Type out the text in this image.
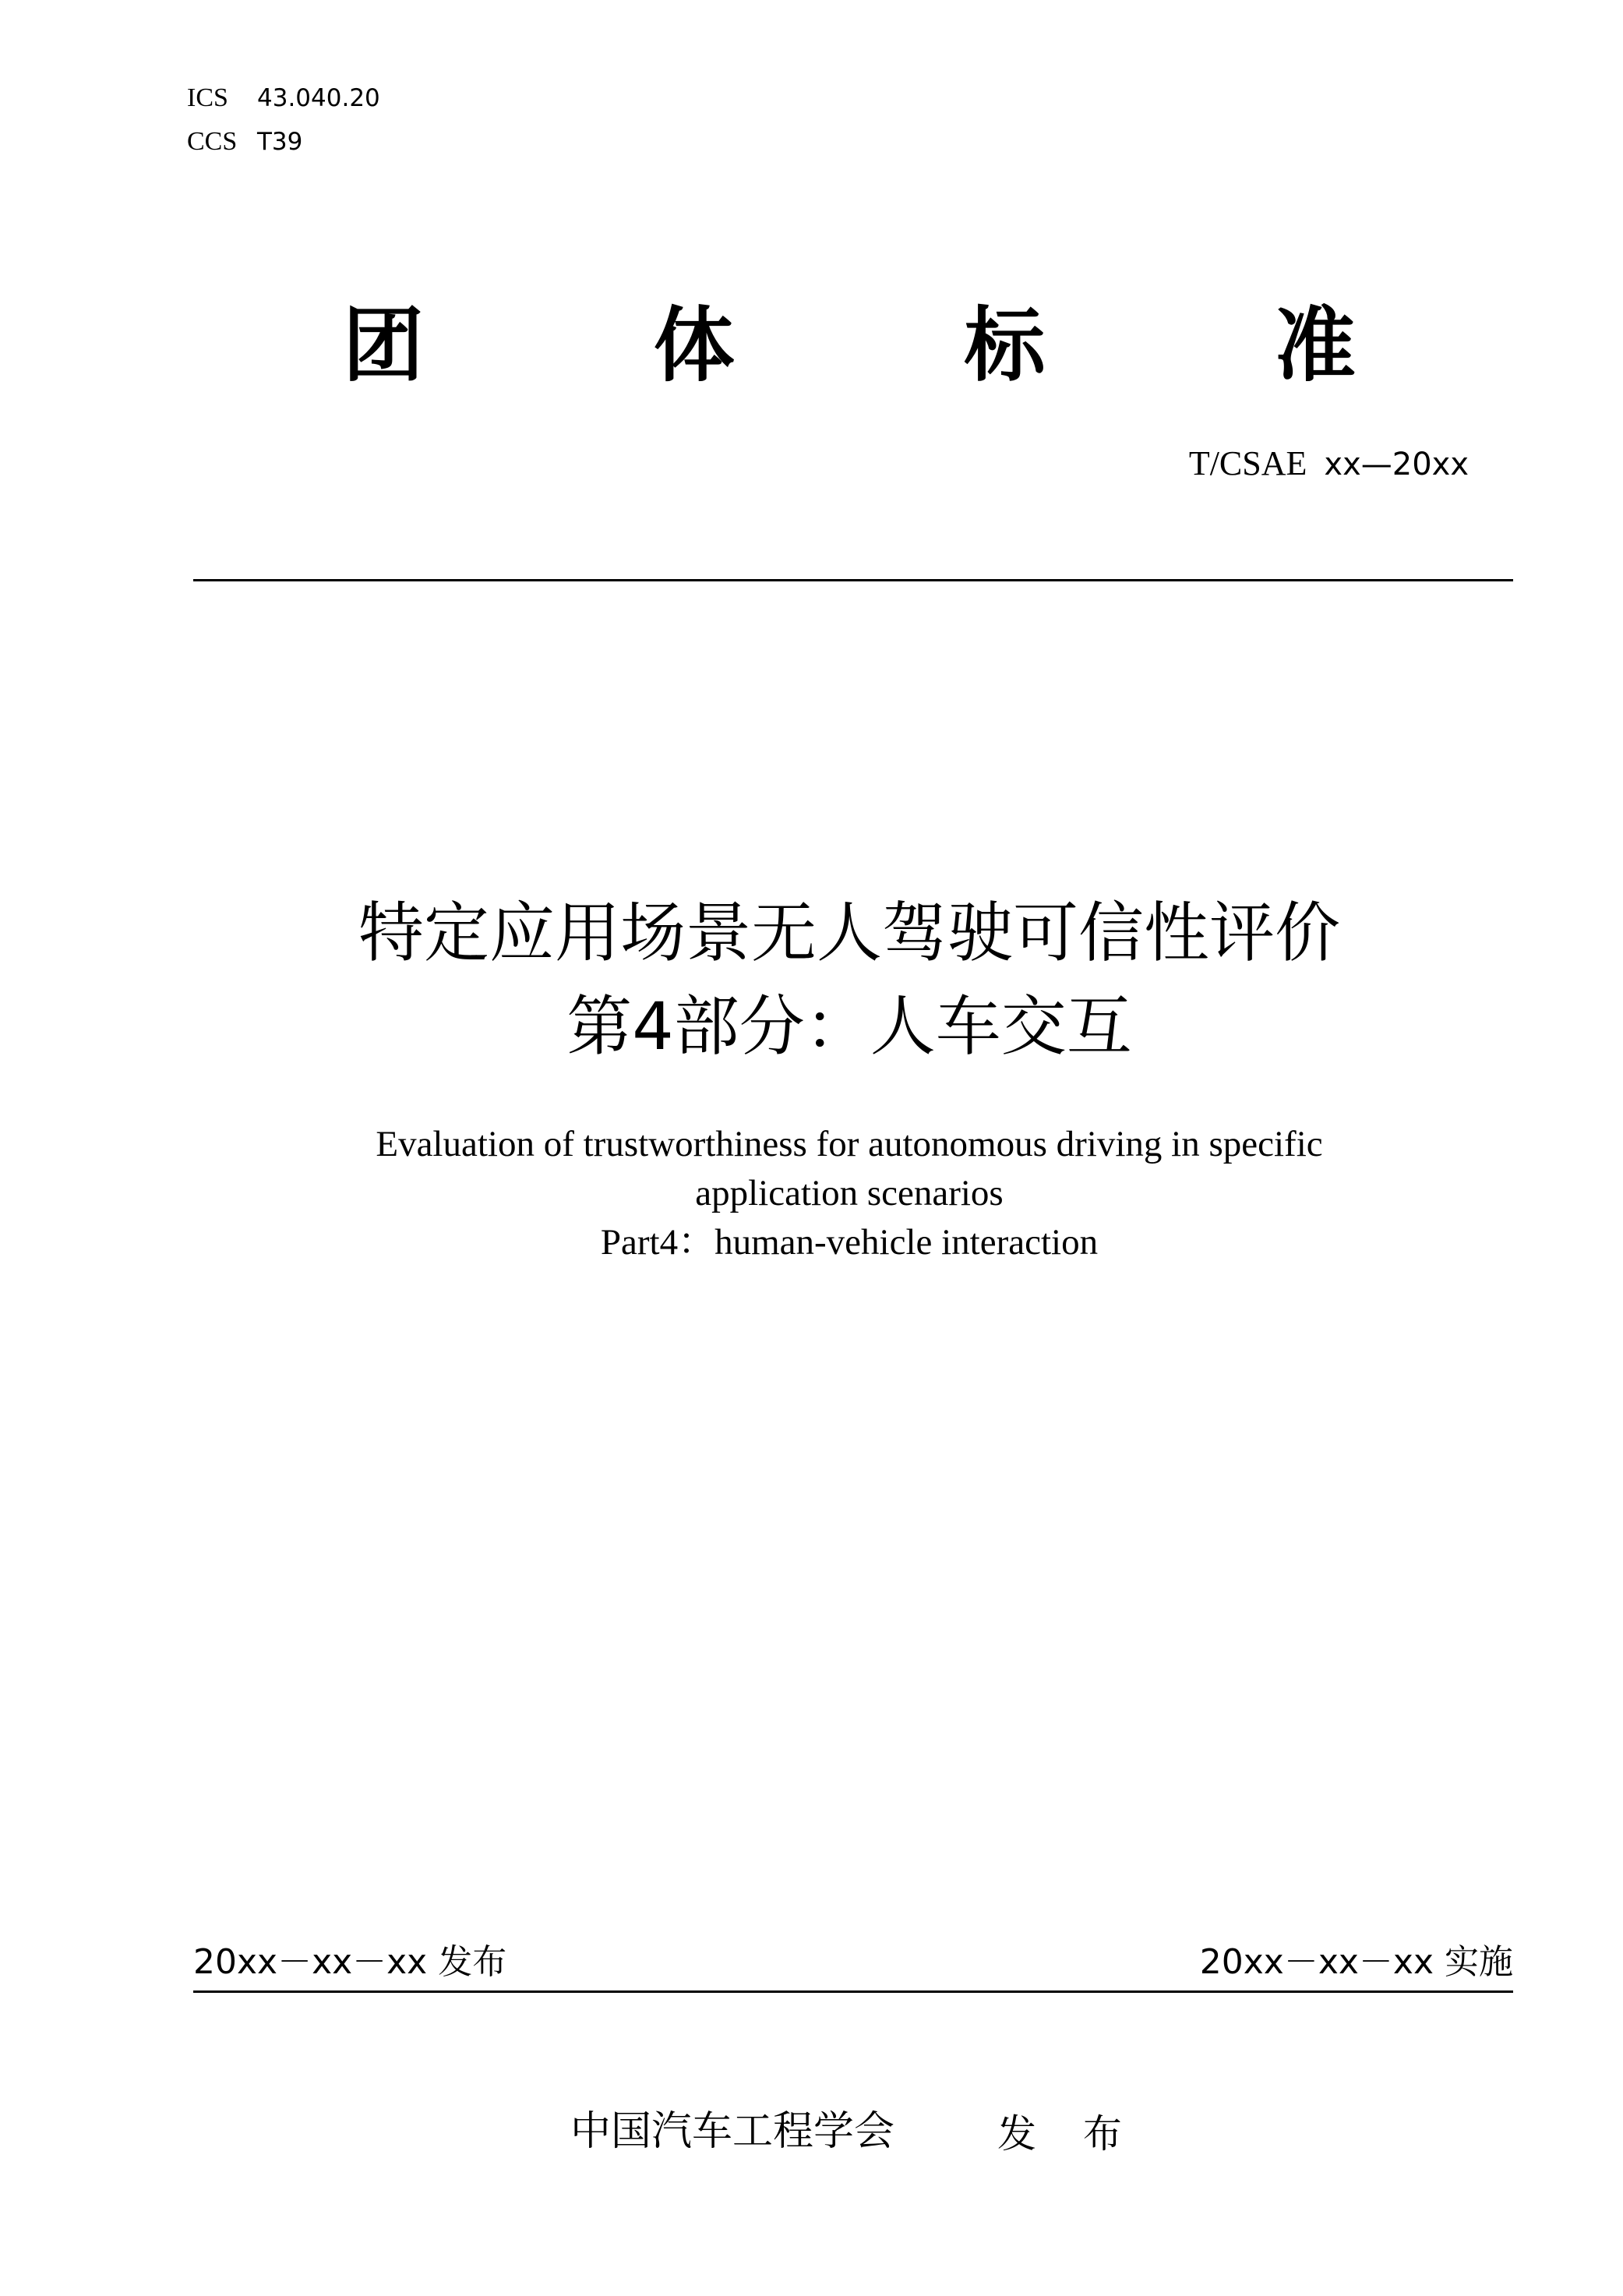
ICS	43.040.20
CCS T39
团	体	标	准
T/CSAE xx—20xx
特定应用场景无人驾驶可信性评价
第4部分：人车交互
Evaluation of trustworthiness for autonomous driving in specific
application scenarios
Part4：human-vehicle interaction
20xx－xx－xx 发布	20xx－xx－xx 实施
中国汽车工程学会	发 布
